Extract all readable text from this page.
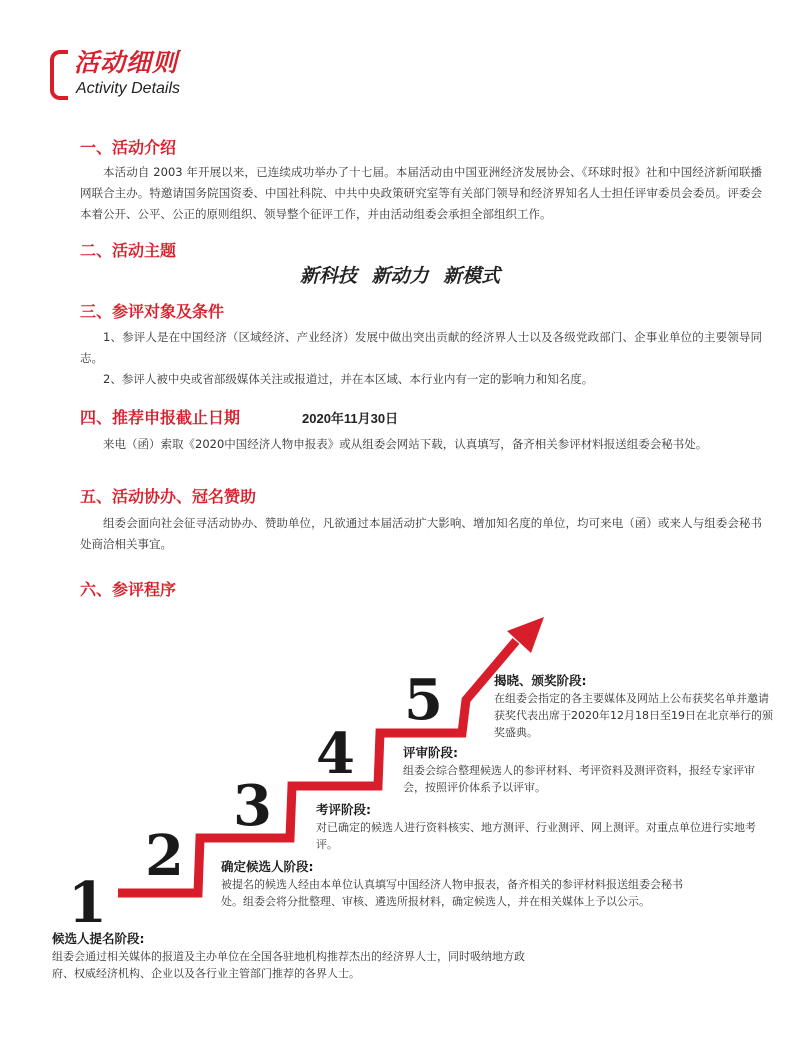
活动细则
Activity Details
一、活动介绍

本活动自 2003 年开展以来，已连续成功举办了十七届。本届活动由中国亚洲经济发展协会、《环球时报》社和中国经济新闻联播网联合主办。特邀请国务院国资委、中国社科院、中共中央政策研究室等有关部门领导和经济界知名人士担任评审委员会委员。评委会本着公开、公平、公正的原则组织、领导整个征评工作，并由活动组委会承担全部组织工作。

二、活动主题
新科技 新动力 新模式
三、参评对象及条件

1、参评人是在中国经济（区域经济、产业经济）发展中做出突出贡献的经济界人士以及各级党政部门、企事业单位的主要领导同志。

2、参评人被中央或省部级媒体关注或报道过，并在本区域、本行业内有一定的影响力和知名度。

四、推荐申报截止日期	2020年11月30日

来电（函）索取《2020中国经济人物申报表》或从组委会网站下载，认真填写，备齐相关参评材料报送组委会秘书处。

五、活动协办、冠名赞助

组委会面向社会征寻活动协办、赞助单位，凡欲通过本届活动扩大影响、增加知名度的单位，均可来电（函）或来人与组委会秘书处商洽相关事宜。

六、参评程序
1
2
3
4
5	揭晓、颁奖阶段:
在组委会指定的各主要媒体及网站上公布获奖名单并邀请获奖代表出席于2020年12月18日至19日在北京举行的颁奖盛典。
评审阶段:
组委会综合整理候选人的参评材料、考评资料及测评资料，报经专家评审会，按照评价体系予以评审。
考评阶段:
对已确定的候选人进行资料核实、地方测评、行业测评、网上测评。对重点单位进行实地考评。
确定候选人阶段:
被提名的候选人经由本单位认真填写中国经济人物申报表，备齐相关的参评材料报送组委会秘书处。组委会将分批整理、审核、遴选所报材料，确定候选人，并在相关媒体上予以公示。
候选人提名阶段:
组委会通过相关媒体的报道及主办单位在全国各驻地机构推荐杰出的经济界人士，同时吸纳地方政府、权威经济机构、企业以及各行业主管部门推荐的各界人士。
